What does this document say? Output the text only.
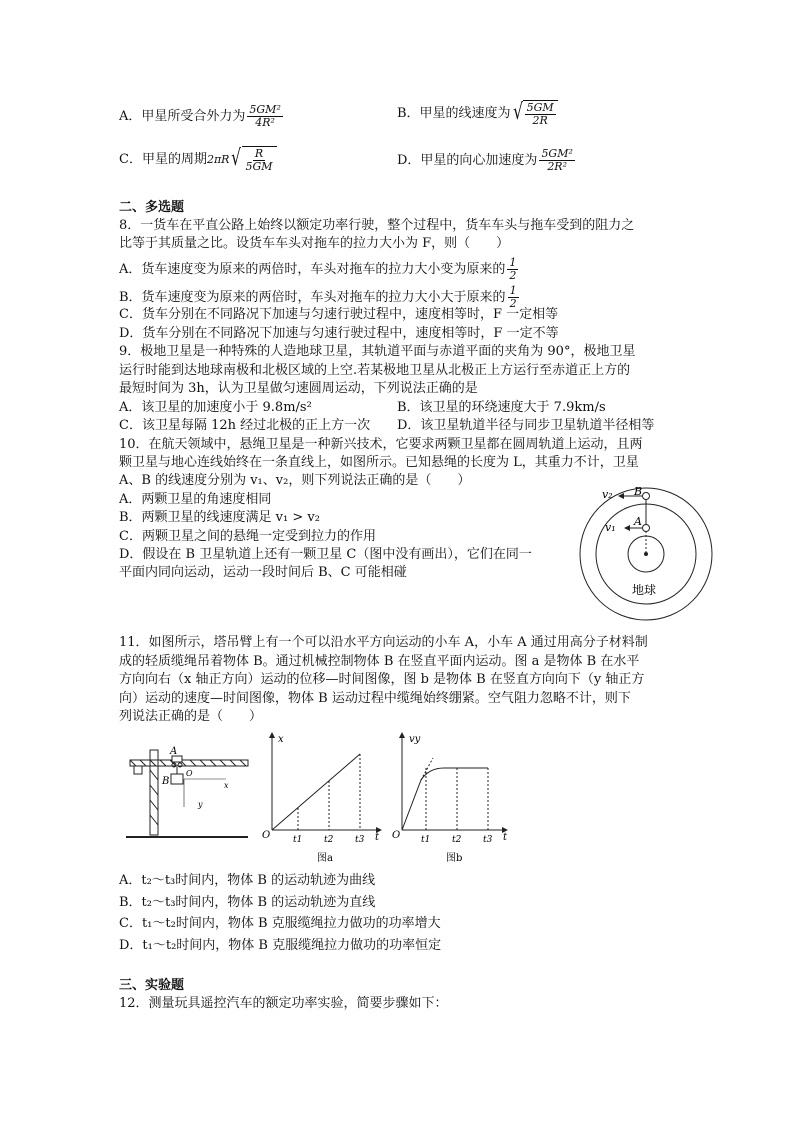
A．甲星所受合外力为 $\frac{\text{5GM²}}{\text{4R²}}$	B．甲星的线速度为 √ $\frac{5GM}{2R}$
C．甲星的周期2πR √ $\frac{R}{5GM}$	D．甲星的向心加速度为 $\frac{\text{5GM²}}{\text{2R²}}$
二、多选题
8．一货车在平直公路上始终以额定功率行驶，整个过程中，货车车头与拖车受到的阻力之
比等于其质量之比。设货车车头对拖车的拉力大小为 F，则（　　）
A．货车速度变为原来的两倍时，车头对拖车的拉力大小变为原来的 $\frac{1}{2}$
B．货车速度变为原来的两倍时，车头对拖车的拉力大小大于原来的 $\frac{1}{2}$
C．货车分别在不同路况下加速与匀速行驶过程中，速度相等时，F 一定相等
D．货车分别在不同路况下加速与匀速行驶过程中，速度相等时，F 一定不等
9．极地卫星是一种特殊的人造地球卫星，其轨道平面与赤道平面的夹角为 90°，极地卫星
运行时能到达地球南极和北极区域的上空.若某极地卫星从北极正上方运行至赤道正上方的
最短时间为 3h，认为卫星做匀速圆周运动，下列说法正确的是
A．该卫星的加速度小于 9.8m/s²	B．该卫星的环绕速度大于 7.9km/s
C．该卫星每隔 12h 经过北极的正上方一次 D．该卫星轨道半径与同步卫星轨道半径相等
10．在航天领域中，悬绳卫星是一种新兴技术，它要求两颗卫星都在圆周轨道上运动，且两
颗卫星与地心连线始终在一条直线上，如图所示。已知悬绳的长度为 L，其重力不计，卫星
A、B 的线速度分别为 v₁、v₂，则下列说法正确的是（　　）
A．两颗卫星的角速度相同
B．两颗卫星的线速度满足 v₁ > v₂
C．两颗卫星之间的悬绳一定受到拉力的作用
D．假设在 B 卫星轨道上还有一颗卫星 C（图中没有画出），它们在同一
平面内同向运动，运动一段时间后 B、C 可能相碰
v₂ B
v₁ A
地球
11．如图所示，塔吊臂上有一个可以沿水平方向运动的小车 A，小车 A 通过用高分子材料制
成的轻质缆绳吊着物体 B。通过机械控制物体 B 在竖直平面内运动。图 a 是物体 B 在水平
方向向右（x 轴正方向）运动的位移—时间图像，图 b 是物体 B 在竖直方向向下（y 轴正方
向）运动的速度—时间图像，物体 B 运动过程中缆绳始终绷紧。空气阻力忽略不计，则下
列说法正确的是（　　）
A
B
O
x
y
x
O	t
t1 t2 t3
图a
vy
O	t
t1 t2 t3
图b
A．t₂～t₃时间内，物体 B 的运动轨迹为曲线
B．t₂～t₃时间内，物体 B 的运动轨迹为直线
C．t₁～t₂时间内，物体 B 克服缆绳拉力做功的功率增大
D．t₁～t₂时间内，物体 B 克服缆绳拉力做功的功率恒定
三、实验题
12．测量玩具遥控汽车的额定功率实验，简要步骤如下：
